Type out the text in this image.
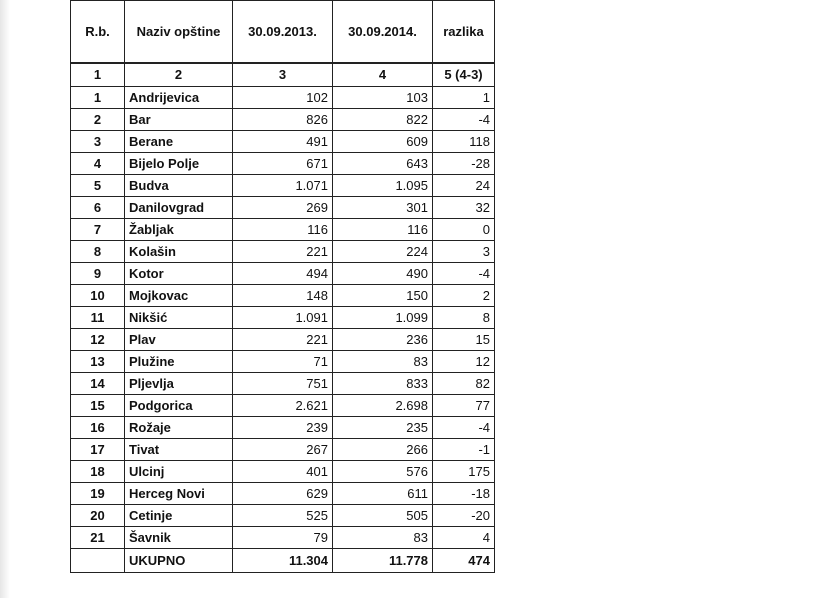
R.b.	Naziv opštine	30.09.2013.	30.09.2014.	razlika
1	2	3	4	5 (4-3)
1	Andrijevica	102	103	1
2	Bar	826	822	-4
3	Berane	491	609	118
4	Bijelo Polje	671	643	-28
5	Budva	1.071	1.095	24
6	Danilovgrad	269	301	32
7	Žabljak	116	116	0
8	Kolašin	221	224	3
9	Kotor	494	490	-4
10	Mojkovac	148	150	2
11	Nikšić	1.091	1.099	8
12	Plav	221	236	15
13	Plužine	71	83	12
14	Pljevlja	751	833	82
15	Podgorica	2.621	2.698	77
16	Rožaje	239	235	-4
17	Tivat	267	266	-1
18	Ulcinj	401	576	175
19	Herceg Novi	629	611	-18
20	Cetinje	525	505	-20
21	Šavnik	79	83	4
	UKUPNO	11.304	11.778	474
